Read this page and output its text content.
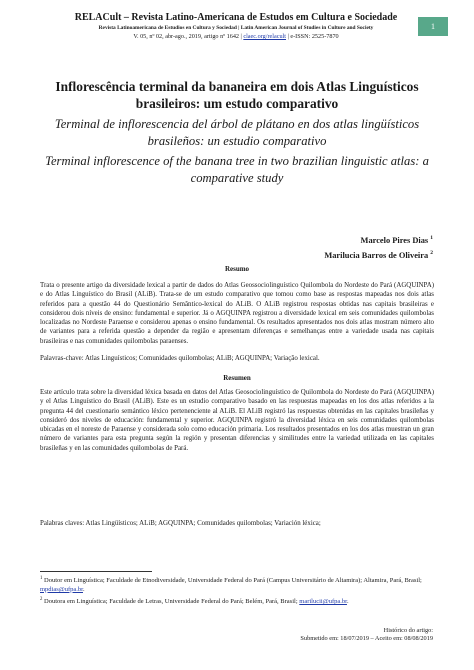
RELACult – Revista Latino-Americana de Estudos em Cultura e Sociedade
Revista Latinoamericana de Estudios en Cultura y Sociedad | Latin American Journal of Studies in Culture and Society
V. 05, nº 02, abr-ago., 2019, artigo nº 1642 | claec.org/relacult | e-ISSN: 2525-7870
1
Inflorescência terminal da bananeira em dois Atlas Linguísticos brasileiros: um estudo comparativo
Terminal de inflorescencia del árbol de plátano en dos atlas lingüísticos brasileños: un estudio comparativo
Terminal inflorescence of the banana tree in two brazilian linguistic atlas: a comparative study
Marcelo Pires Dias $^1$
Marilucia Barros de Oliveira $^2$
Resumo
Trata o presente artigo da diversidade lexical a partir de dados do Atlas Geossociolinguístico Quilombola do Nordeste do Pará (AGQUINPA) e do Atlas Linguístico do Brasil (ALiB). Trata-se de um estudo comparativo que tomou como base as respostas mapeadas nos dois atlas referidos para a questão 44 do Questionário Semântico-lexical do ALiB. O ALiB registrou respostas obtidas nas capitais brasileiras e considerou dois níveis de ensino: fundamental e superior. Já o AGQUINPA registrou a diversidade lexical em seis comunidades quilombolas localizadas no Nordeste Paraense e considerou apenas o ensino fundamental. Os resultados apresentados nos dois atlas mostram número alto de variantes para a referida questão a depender da região e apresentam diferenças e semelhanças entre a variedade usada nas capitais brasileiras e nas comunidades quilombolas paraenses.
Palavras-chave: Atlas Linguísticos; Comunidades quilombolas; ALiB; AGQUINPA; Variação lexical.
Resumen
Este artículo trata sobre la diversidad léxica basada en datos del Atlas Geosociolinguístico de Quilombola do Nordeste do Pará (AGQUINPA) y el Atlas Linguístico do Brasil (ALiB). Este es un estudio comparativo basado en las respuestas mapeadas en los dos atlas referidos a la pregunta 44 del cuestionario semántico léxico pertenenciente al ALiB. El ALiB registró las respuestas obtenidas en las capitales brasileñas y consideró dos niveles de educación: fundamental y superior. AGQUINPA registró la diversidad léxica en seis comunidades quilombolas ubicadas en el noreste de Paraense y considerada solo como educación primaria. Los resultados presentados en los dos atlas muestran un gran número de variantes para esta pregunta según la región y presentan diferencias y similitudes entre la variedad utilizada en las capitales brasileñas y en las comunidades quilombolas de Pará.
Palabras claves: Atlas Lingüísticos; ALiB; AGQUINPA; Comunidades quilombolas; Variación léxica;
$^1$ Doutor em Linguística; Faculdade de Etnodiversidade, Universidade Federal do Pará (Campus Universitário de Altamira); Altamira, Pará, Brasil; mpdias@ufpa.br.
$^2$ Doutora em Linguística; Faculdade de Letras, Universidade Federal do Pará; Belém, Pará, Brasil; marilucii@ufpa.br.
Histórico do artigo:
Submetido em: 18/07/2019 – Aceito em: 08/08/2019
